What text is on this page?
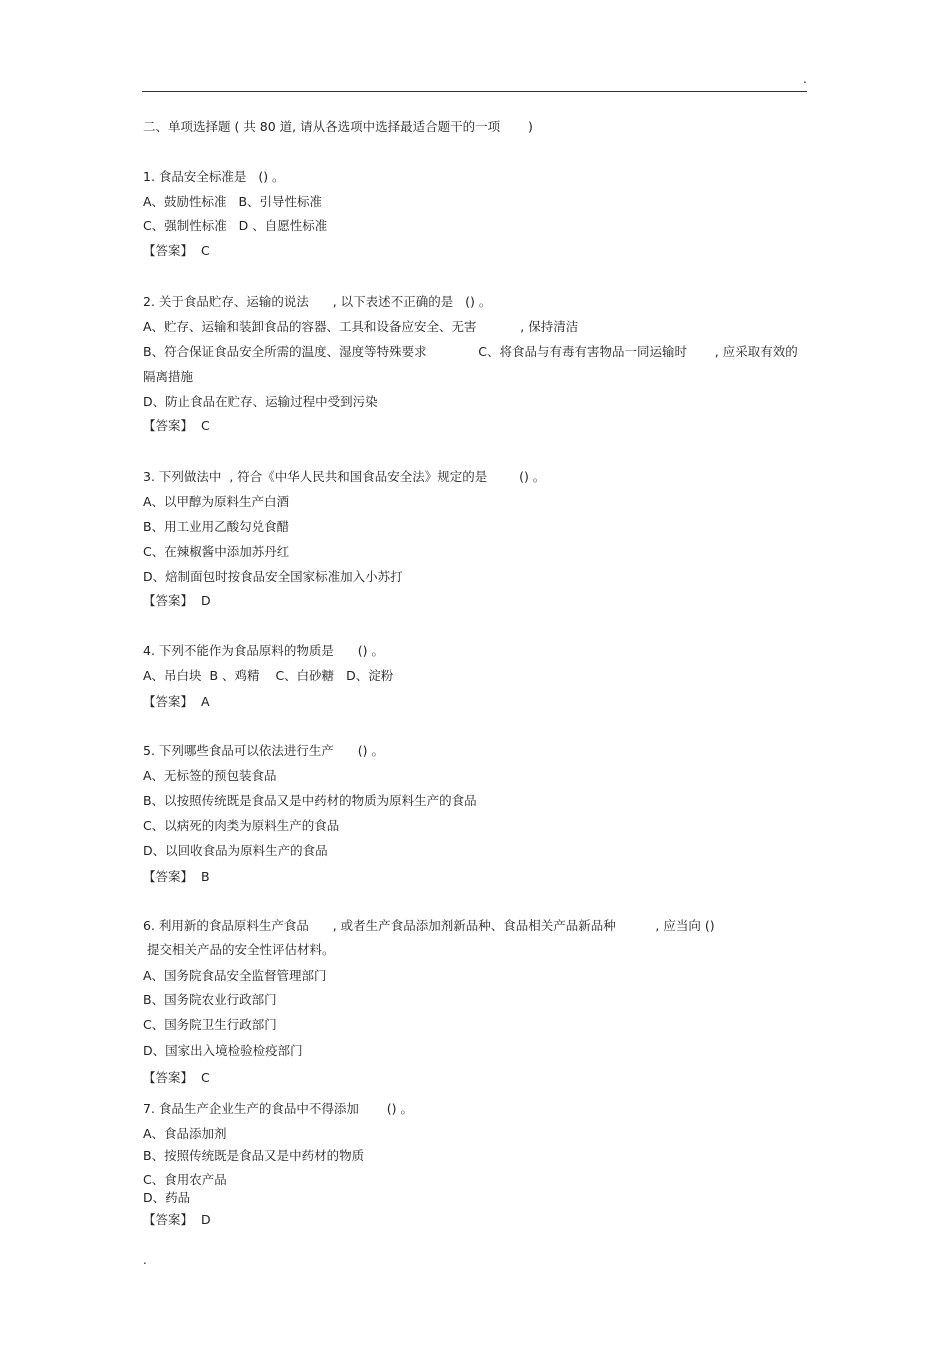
.
二、单项选择题 ( 共 80 道, 请从各选项中选择最适合题干的一项       )
1. 食品安全标准是   () 。
A、鼓励性标准   B、引导性标准
C、强制性标准   D 、自愿性标准
【答案】  C
2. 关于食品贮存、运输的说法      , 以下表述不正确的是   () 。
A、贮存、运输和装卸食品的容器、工具和设备应安全、无害           , 保持清洁
B、符合保证食品安全所需的温度、湿度等特殊要求             C、将食品与有毒有害物品一同运输时       , 应采取有效的
隔离措施
D、防止食品在贮存、运输过程中受到污染
【答案】  C
3. 下列做法中  , 符合《中华人民共和国食品安全法》规定的是        () 。
A、以甲醇为原料生产白酒
B、用工业用乙酸勾兑食醋
C、在辣椒酱中添加苏丹红
D、焙制面包时按食品安全国家标准加入小苏打
【答案】  D
4. 下列不能作为食品原料的物质是      () 。
A、吊白块  B 、鸡精    C、白砂糖   D、淀粉
【答案】  A
5. 下列哪些食品可以依法进行生产      () 。
A、无标签的预包装食品
B、以按照传统既是食品又是中药材的物质为原料生产的食品
C、以病死的肉类为原料生产的食品
D、以回收食品为原料生产的食品
【答案】  B
6. 利用新的食品原料生产食品      , 或者生产食品添加剂新品种、食品相关产品新品种          , 应当向 ()
提交相关产品的安全性评估材料。
A、国务院食品安全监督管理部门
B、国务院农业行政部门
C、国务院卫生行政部门
D、国家出入境检验检疫部门
【答案】  C
7. 食品生产企业生产的食品中不得添加       () 。
A、食品添加剂
B、按照传统既是食品又是中药材的物质
C、食用农产品
D、药品
【答案】  D
.
